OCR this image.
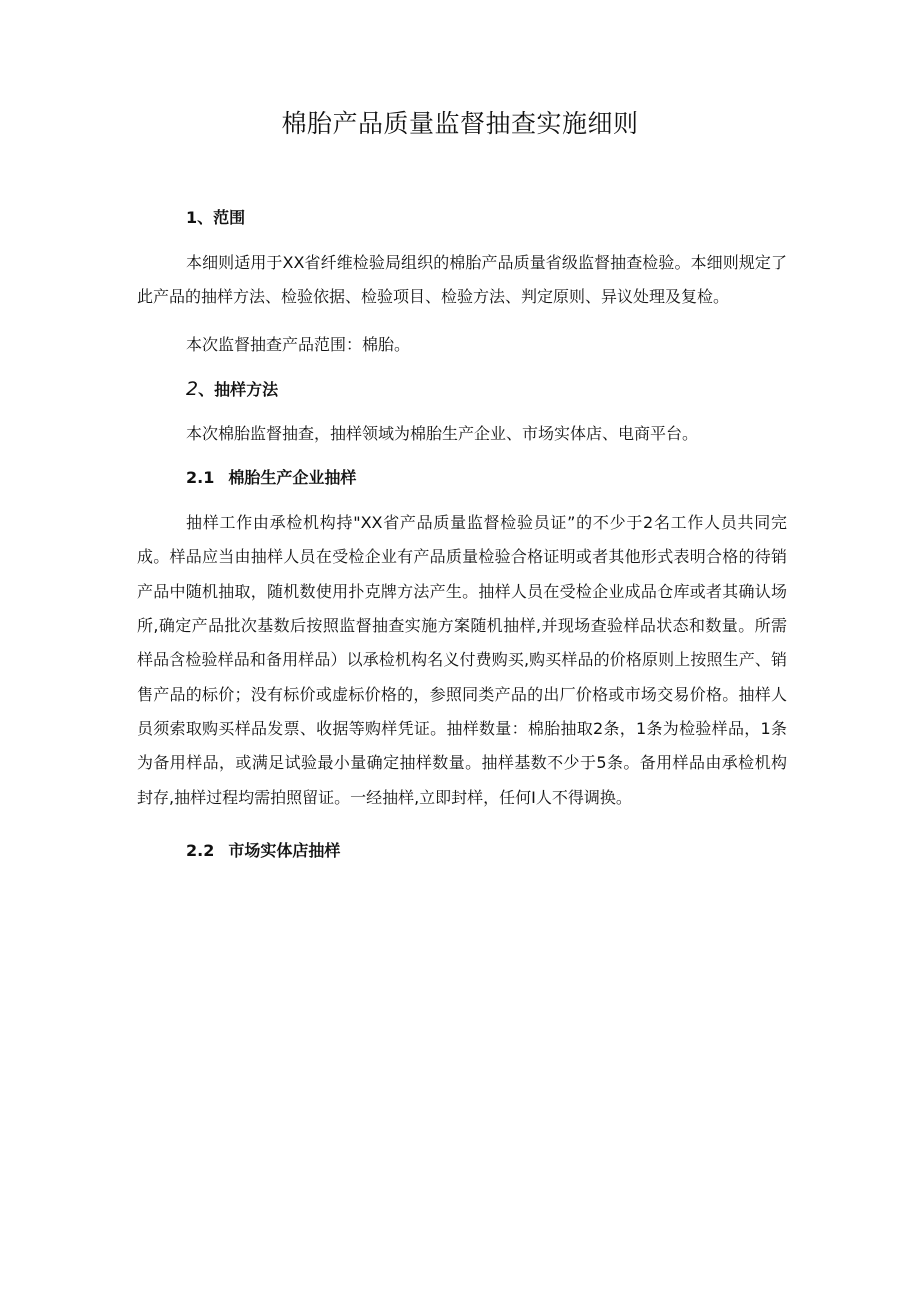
棉胎产品质量监督抽查实施细则
1、范围

本细则适用于XX省纤维检验局组织的棉胎产品质量省级监督抽查检验。本细则规定了此产品的抽样方法、检验依据、检验项目、检验方法、判定原则、异议处理及复检。

本次监督抽查产品范围：棉胎。

2、抽样方法

本次棉胎监督抽查，抽样领域为棉胎生产企业、市场实体店、电商平台。

2.1 棉胎生产企业抽样

抽样工作由承检机构持"XX省产品质量监督检验员证”的不少于2名工作人员共同完成。样品应当由抽样人员在受检企业有产品质量检验合格证明或者其他形式表明合格的待销产品中随机抽取，随机数使用扑克牌方法产生。抽样人员在受检企业成品仓库或者其确认场所,确定产品批次基数后按照监督抽查实施方案随机抽样,并现场查验样品状态和数量。所需样品含检验样品和备用样品）以承检机构名义付费购买,购买样品的价格原则上按照生产、销售产品的标价；没有标价或虚标价格的，参照同类产品的出厂价格或市场交易价格。抽样人员须索取购买样品发票、收据等购样凭证。抽样数量：棉胎抽取2条，1条为检验样品，1条为备用样品，或满足试验最小量确定抽样数量。抽样基数不少于5条。备用样品由承检机构封存,抽样过程均需拍照留证。一经抽样,立即封样，任何I人不得调换。

2.2 市场实体店抽样
